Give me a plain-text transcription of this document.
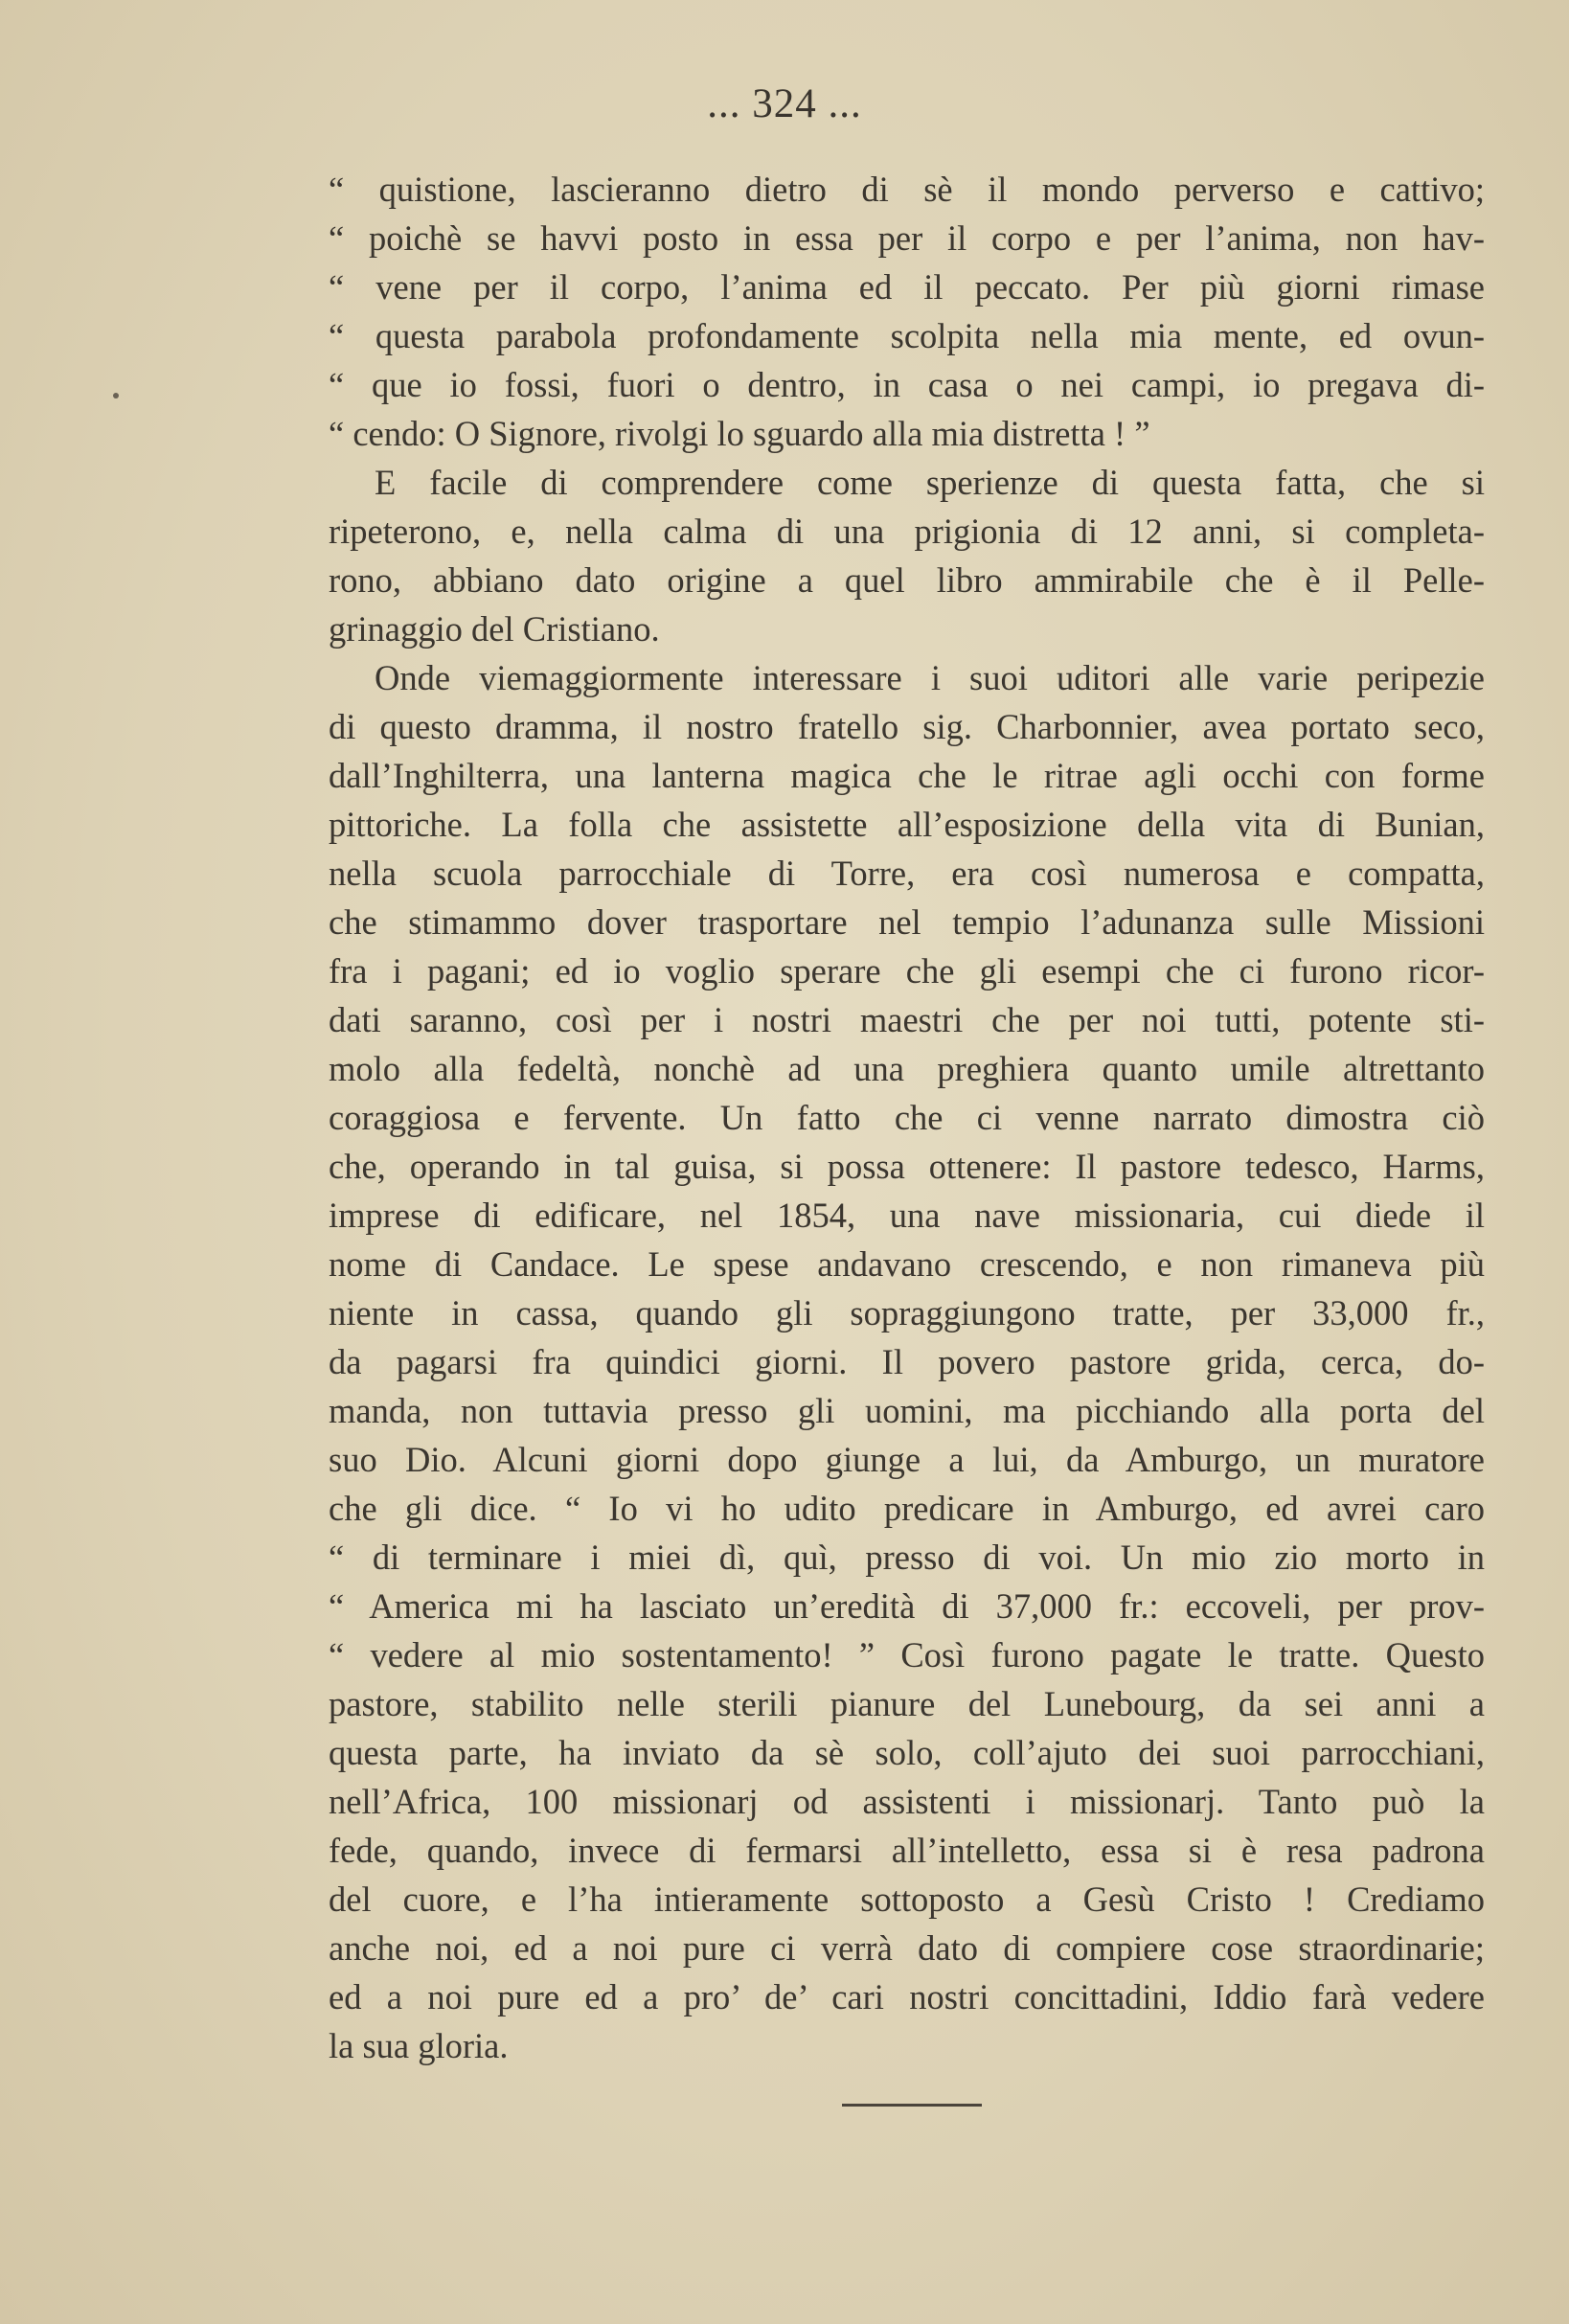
... 324 ...
“ quistione, lascieranno dietro di sè il mondo perverso e cattivo;
“ poichè se havvi posto in essa per il corpo e per l’anima, non hav-
“ vene per il corpo, l’anima ed il peccato. Per più giorni rimase
“ questa parabola profondamente scolpita nella mia mente, ed ovun-
“ que io fossi, fuori o dentro, in casa o nei campi, io pregava di-
“ cendo: O Signore, rivolgi lo sguardo alla mia distretta ! ”
E facile di comprendere come sperienze di questa fatta, che si
ripeterono, e, nella calma di una prigionia di 12 anni, si completa-
rono, abbiano dato origine a quel libro ammirabile che è il Pelle-
grinaggio del Cristiano.
Onde viemaggiormente interessare i suoi uditori alle varie peripezie
di questo dramma, il nostro fratello sig. Charbonnier, avea portato seco,
dall’Inghilterra, una lanterna magica che le ritrae agli occhi con forme
pittoriche. La folla che assistette all’esposizione della vita di Bunian,
nella scuola parrocchiale di Torre, era così numerosa e compatta,
che stimammo dover trasportare nel tempio l’adunanza sulle Missioni
fra i pagani; ed io voglio sperare che gli esempi che ci furono ricor-
dati saranno, così per i nostri maestri che per noi tutti, potente sti-
molo alla fedeltà, nonchè ad una preghiera quanto umile altrettanto
coraggiosa e fervente. Un fatto che ci venne narrato dimostra ciò
che, operando in tal guisa, si possa ottenere: Il pastore tedesco, Harms,
imprese di edificare, nel 1854, una nave missionaria, cui diede il
nome di Candace. Le spese andavano crescendo, e non rimaneva più
niente in cassa, quando gli sopraggiungono tratte, per 33,000 fr.,
da pagarsi fra quindici giorni. Il povero pastore grida, cerca, do-
manda, non tuttavia presso gli uomini, ma picchiando alla porta del
suo Dio. Alcuni giorni dopo giunge a lui, da Amburgo, un muratore
che gli dice. “ Io vi ho udito predicare in Amburgo, ed avrei caro
“ di terminare i miei dì, quì, presso di voi. Un mio zio morto in
“ America mi ha lasciato un’eredità di 37,000 fr.: eccoveli, per prov-
“ vedere al mio sostentamento! ” Così furono pagate le tratte. Questo
pastore, stabilito nelle sterili pianure del Lunebourg, da sei anni a
questa parte, ha inviato da sè solo, coll’ajuto dei suoi parrocchiani,
nell’Africa, 100 missionarj od assistenti i missionarj. Tanto può la
fede, quando, invece di fermarsi all’intelletto, essa si è resa padrona
del cuore, e l’ha intieramente sottoposto a Gesù Cristo ! Crediamo
anche noi, ed a noi pure ci verrà dato di compiere cose straordinarie;
ed a noi pure ed a pro’ de’ cari nostri concittadini, Iddio farà vedere
la sua gloria.
